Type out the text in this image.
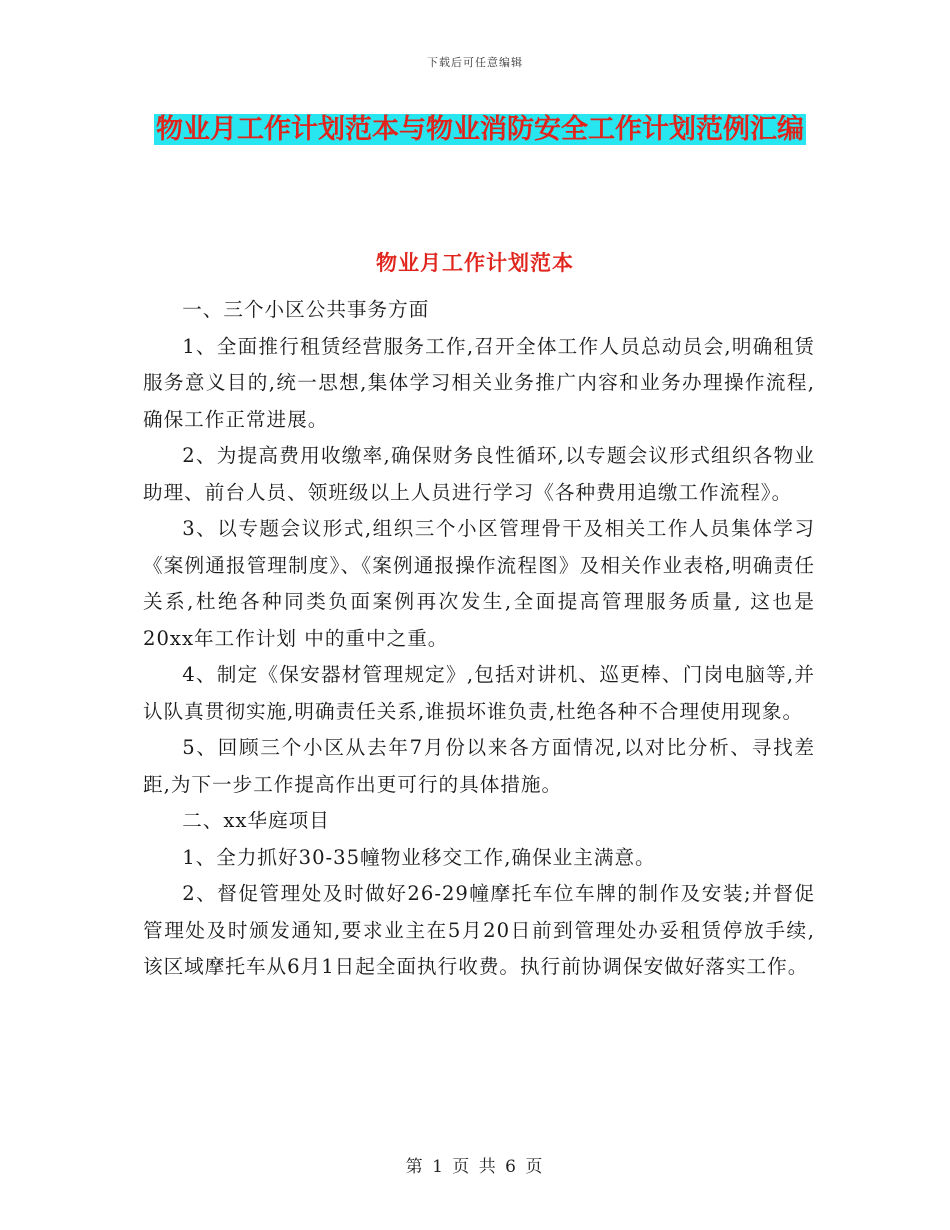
下载后可任意编辑
物业月工作计划范本与物业消防安全工作计划范例汇编
物业月工作计划范本

一、三个小区公共事务方面

1、全面推行租赁经营服务工作,召开全体工作人员总动员会,明确租赁服务意义目的,统一思想,集体学习相关业务推广内容和业务办理操作流程,确保工作正常进展。

2、为提高费用收缴率,确保财务良性循环,以专题会议形式组织各物业助理、前台人员、领班级以上人员进行学习《各种费用追缴工作流程》。

3、以专题会议形式,组织三个小区管理骨干及相关工作人员集体学习《案例通报管理制度》、《案例通报操作流程图》及相关作业表格,明确责任关系,杜绝各种同类负面案例再次发生,全面提高管理服务质量, 这也是20xx年工作计划 中的重中之重。

4、制定《保安器材管理规定》,包括对讲机、巡更棒、门岗电脑等,并认队真贯彻实施,明确责任关系,谁损坏谁负责,杜绝各种不合理使用现象。

5、回顾三个小区从去年7月份以来各方面情况,以对比分析、寻找差距,为下一步工作提高作出更可行的具体措施。

二、xx华庭项目

1、全力抓好30-35幢物业移交工作,确保业主满意。

2、督促管理处及时做好26-29幢摩托车位车牌的制作及安装;并督促管理处及时颁发通知,要求业主在5月20日前到管理处办妥租赁停放手续,该区域摩托车从6月1日起全面执行收费。执行前协调保安做好落实工作。

第 1 页 共 6 页
